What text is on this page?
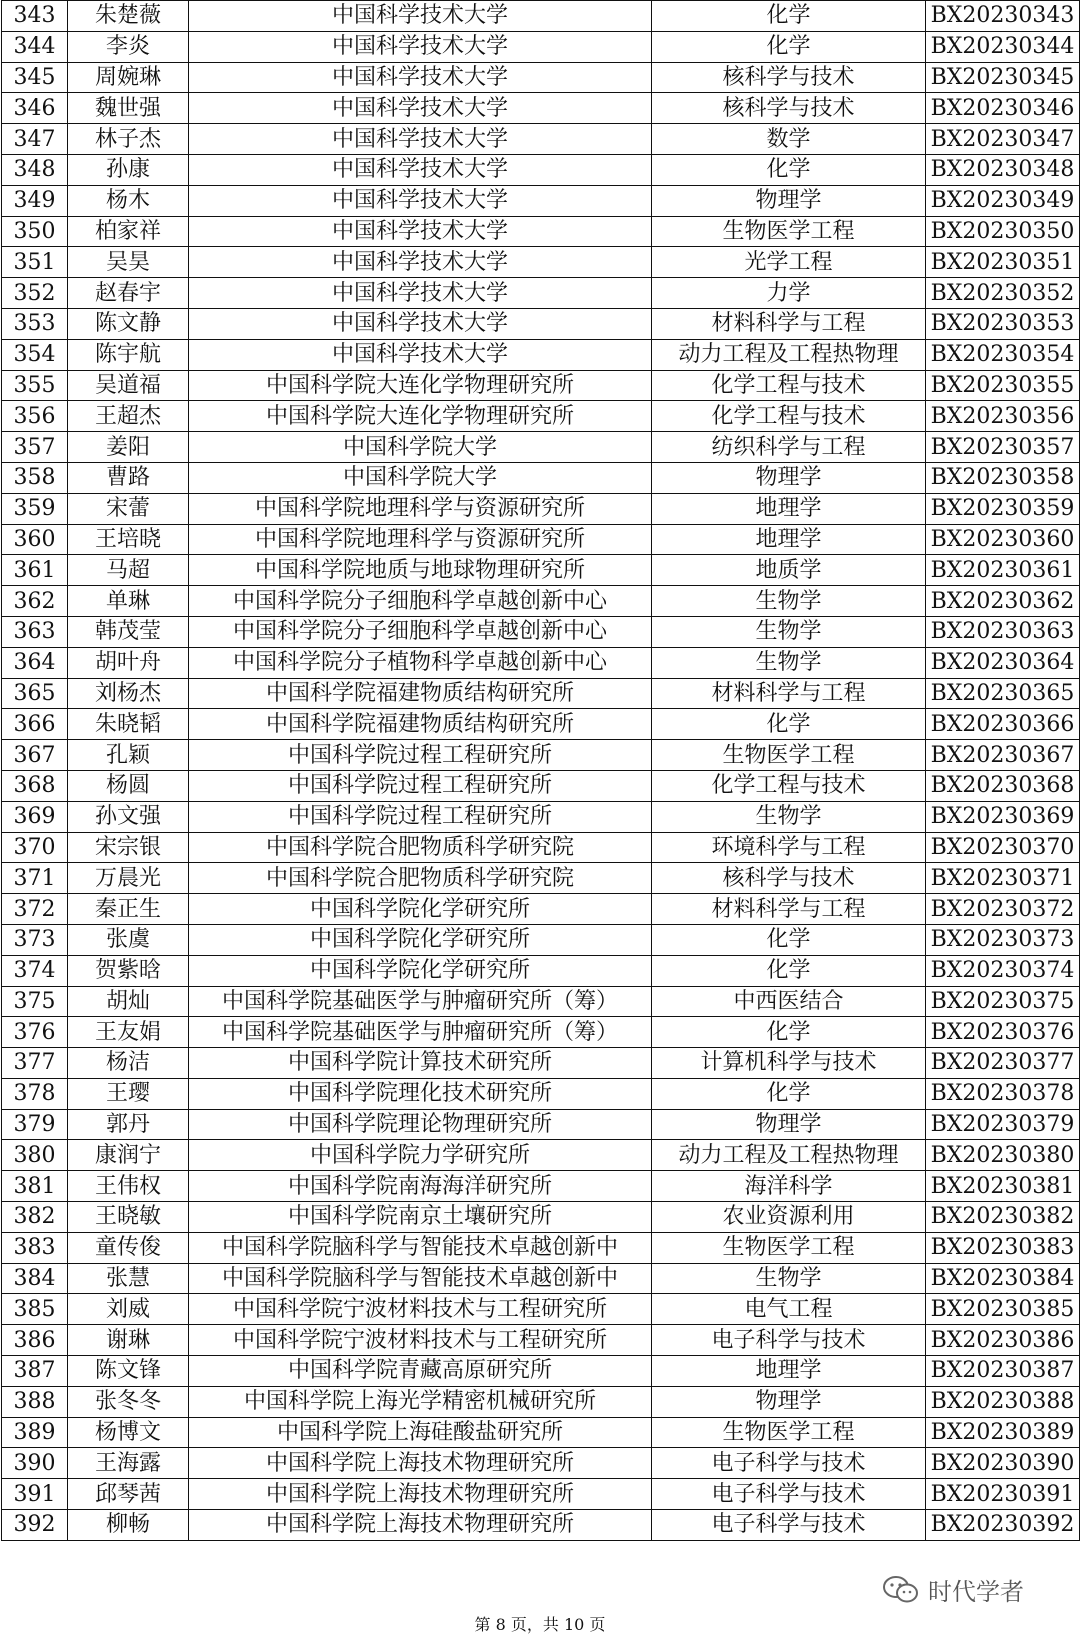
343	朱楚薇	中国科学技术大学	化学	BX20230343
344	李炎	中国科学技术大学	化学	BX20230344
345	周婉琳	中国科学技术大学	核科学与技术	BX20230345
346	魏世强	中国科学技术大学	核科学与技术	BX20230346
347	林子杰	中国科学技术大学	数学	BX20230347
348	孙康	中国科学技术大学	化学	BX20230348
349	杨木	中国科学技术大学	物理学	BX20230349
350	柏家祥	中国科学技术大学	生物医学工程	BX20230350
351	吴昊	中国科学技术大学	光学工程	BX20230351
352	赵春宇	中国科学技术大学	力学	BX20230352
353	陈文静	中国科学技术大学	材料科学与工程	BX20230353
354	陈宇航	中国科学技术大学	动力工程及工程热物理	BX20230354
355	吴道福	中国科学院大连化学物理研究所	化学工程与技术	BX20230355
356	王超杰	中国科学院大连化学物理研究所	化学工程与技术	BX20230356
357	姜阳	中国科学院大学	纺织科学与工程	BX20230357
358	曹路	中国科学院大学	物理学	BX20230358
359	宋蕾	中国科学院地理科学与资源研究所	地理学	BX20230359
360	王培晓	中国科学院地理科学与资源研究所	地理学	BX20230360
361	马超	中国科学院地质与地球物理研究所	地质学	BX20230361
362	单琳	中国科学院分子细胞科学卓越创新中心	生物学	BX20230362
363	韩茂莹	中国科学院分子细胞科学卓越创新中心	生物学	BX20230363
364	胡叶舟	中国科学院分子植物科学卓越创新中心	生物学	BX20230364
365	刘杨杰	中国科学院福建物质结构研究所	材料科学与工程	BX20230365
366	朱晓韬	中国科学院福建物质结构研究所	化学	BX20230366
367	孔颖	中国科学院过程工程研究所	生物医学工程	BX20230367
368	杨圆	中国科学院过程工程研究所	化学工程与技术	BX20230368
369	孙文强	中国科学院过程工程研究所	生物学	BX20230369
370	宋宗银	中国科学院合肥物质科学研究院	环境科学与工程	BX20230370
371	万晨光	中国科学院合肥物质科学研究院	核科学与技术	BX20230371
372	秦正生	中国科学院化学研究所	材料科学与工程	BX20230372
373	张虞	中国科学院化学研究所	化学	BX20230373
374	贺紫晗	中国科学院化学研究所	化学	BX20230374
375	胡灿	中国科学院基础医学与肿瘤研究所（筹）	中西医结合	BX20230375
376	王友娟	中国科学院基础医学与肿瘤研究所（筹）	化学	BX20230376
377	杨洁	中国科学院计算技术研究所	计算机科学与技术	BX20230377
378	王璎	中国科学院理化技术研究所	化学	BX20230378
379	郭丹	中国科学院理论物理研究所	物理学	BX20230379
380	康润宁	中国科学院力学研究所	动力工程及工程热物理	BX20230380
381	王伟权	中国科学院南海海洋研究所	海洋科学	BX20230381
382	王晓敏	中国科学院南京土壤研究所	农业资源利用	BX20230382
383	童传俊	中国科学院脑科学与智能技术卓越创新中	生物医学工程	BX20230383
384	张慧	中国科学院脑科学与智能技术卓越创新中	生物学	BX20230384
385	刘威	中国科学院宁波材料技术与工程研究所	电气工程	BX20230385
386	谢琳	中国科学院宁波材料技术与工程研究所	电子科学与技术	BX20230386
387	陈文锋	中国科学院青藏高原研究所	地理学	BX20230387
388	张冬冬	中国科学院上海光学精密机械研究所	物理学	BX20230388
389	杨博文	中国科学院上海硅酸盐研究所	生物医学工程	BX20230389
390	王海露	中国科学院上海技术物理研究所	电子科学与技术	BX20230390
391	邱琴茜	中国科学院上海技术物理研究所	电子科学与技术	BX20230391
392	柳畅	中国科学院上海技术物理研究所	电子科学与技术	BX20230392
时代学者
第 8 页，共 10 页
